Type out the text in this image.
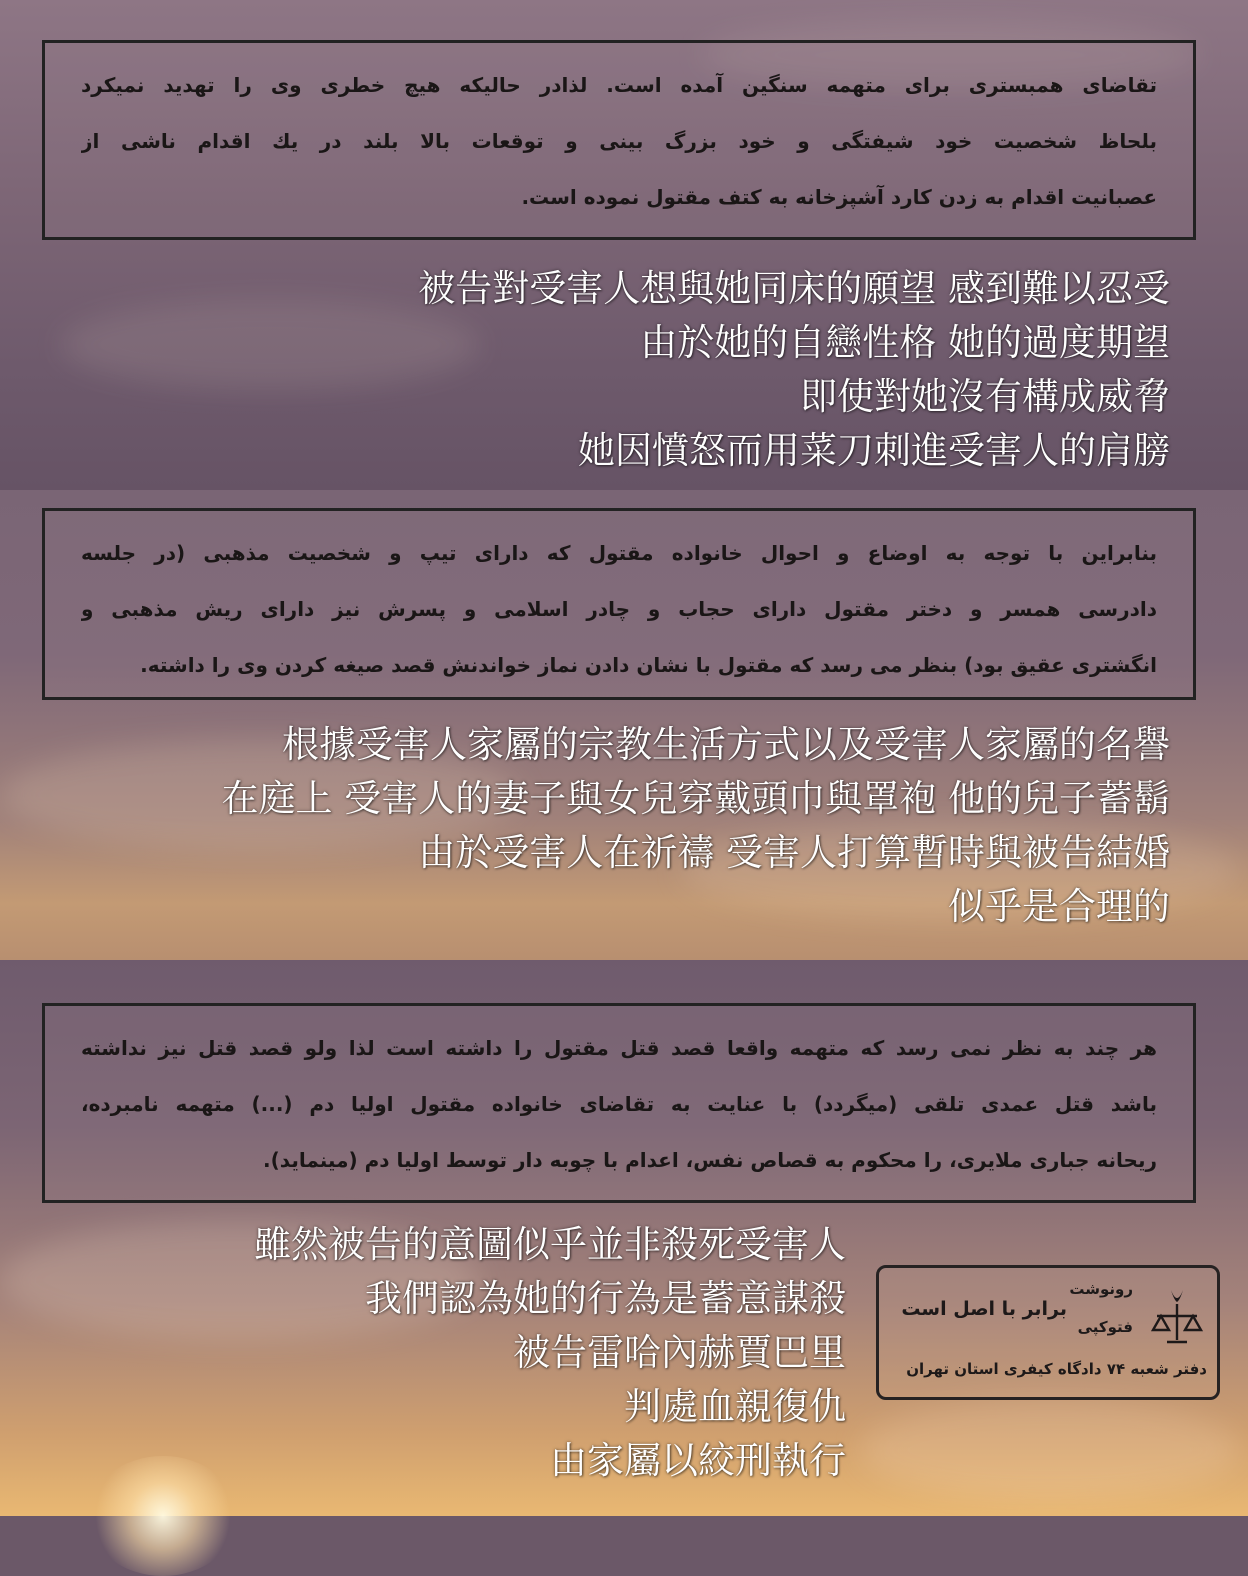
تقاضای همبستری برای متهمه سنگین آمده است. لذادر حالیکه هیچ خطری وی را تهدید نمیکرد
بلحاظ شخصیت خود شیفتگی و خود بزرگ بینی و توقعات بالا بلند در یك اقدام ناشی از
عصبانیت اقدام به زدن کارد آشپزخانه به کتف مقتول نموده است.
被告對受害人想與她同床的願望 感到難以忍受
由於她的自戀性格 她的過度期望
即使對她沒有構成威脅
她因憤怒而用菜刀刺進受害人的肩膀
بنابراین با توجه به اوضاع و احوال خانواده مقتول که دارای تیپ و شخصیت مذهبی (در جلسه
دادرسی همسر و دختر مقتول دارای حجاب و چادر اسلامی و پسرش نیز دارای ریش مذهبی و
انگشتری عقیق بود) بنظر می رسد که مقتول با نشان دادن نماز خواندنش قصد صیغه کردن وی را داشته.
根據受害人家屬的宗教生活方式以及受害人家屬的名譽
在庭上 受害人的妻子與女兒穿戴頭巾與罩袍 他的兒子蓄鬍
由於受害人在祈禱 受害人打算暫時與被告結婚
似乎是合理的
هر چند به نظر نمی رسد که متهمه واقعا قصد قتل مقتول را داشته است لذا ولو قصد قتل نیز نداشته
باشد قتل عمدی تلقی (میگردد) با عنایت به تقاضای خانواده مقتول اولیا دم (...) متهمه نامبرده،
ریحانه جباری ملایری، را محکوم به قصاص نفس، اعدام با چوبه دار توسط اولیا دم (مینماید).
雖然被告的意圖似乎並非殺死受害人
我們認為她的行為是蓄意謀殺
被告雷哈內赫賈巴里
判處血親復仇
由家屬以絞刑執行
رونوشت
فتوکپی
برابر با اصل است
دفتر شعبه ۷۴ دادگاه کیفری استان تهران
